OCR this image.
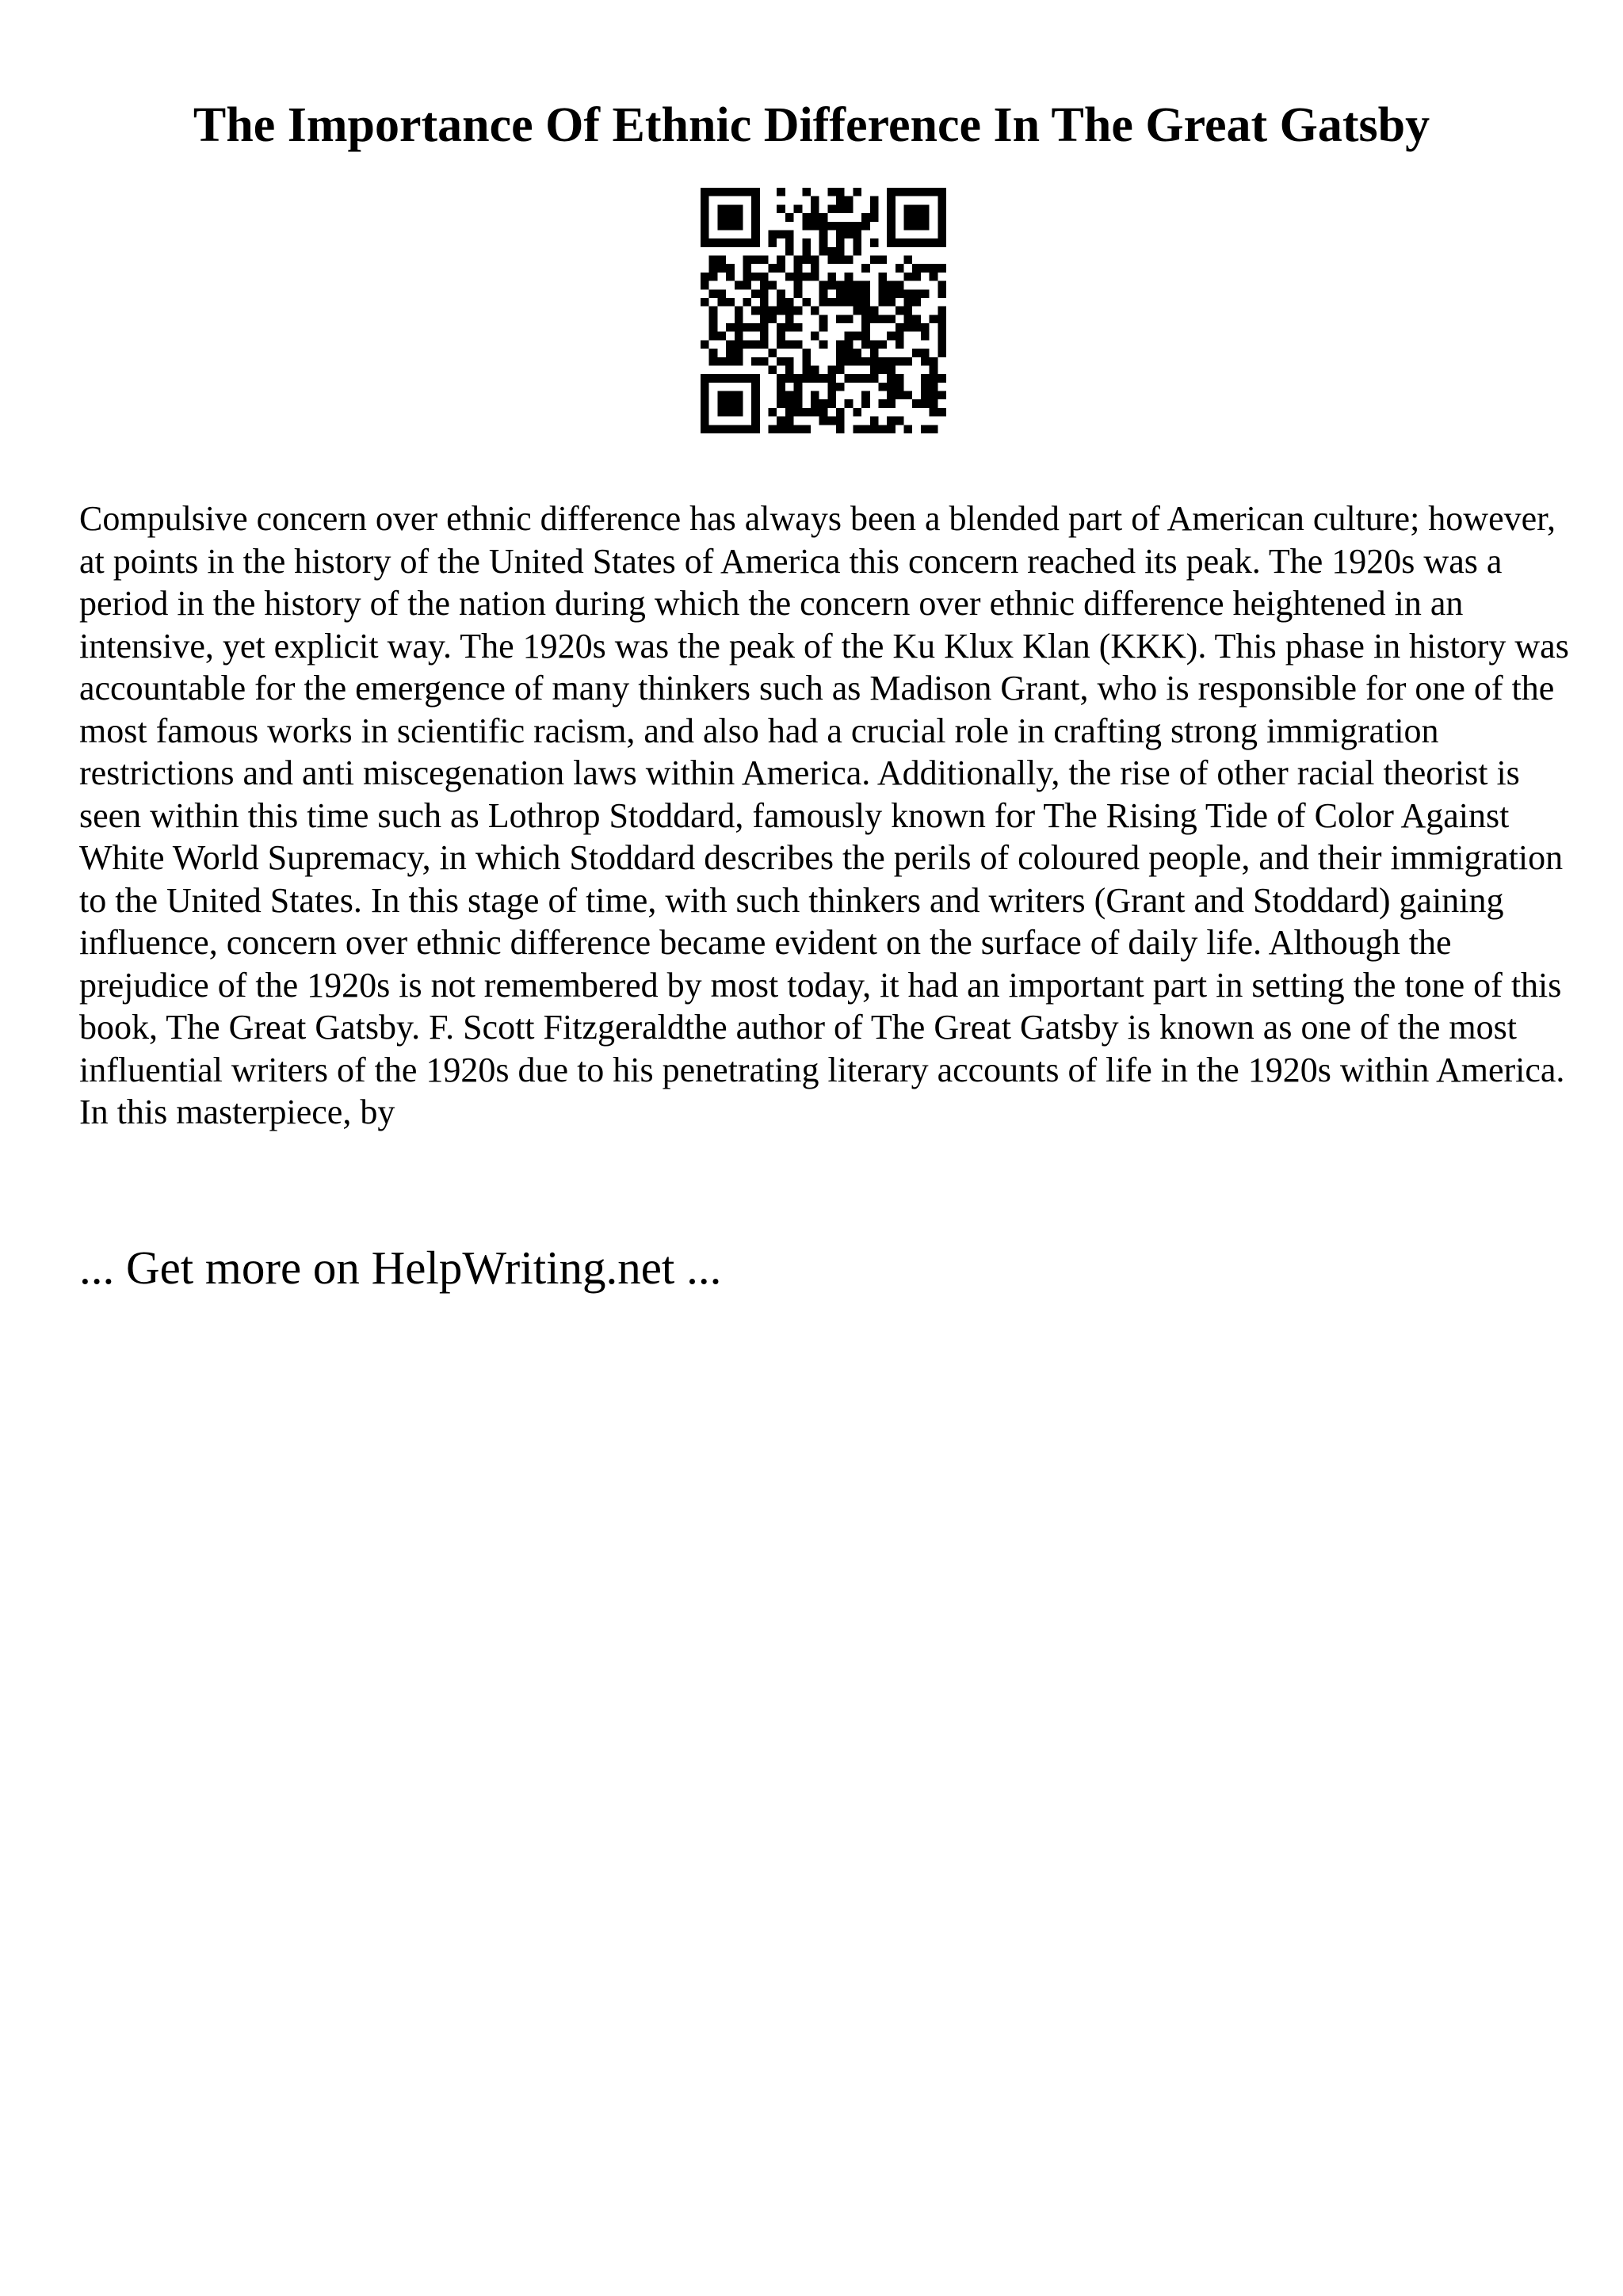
The Importance Of Ethnic Difference In The Great Gatsby

Compulsive concern over ethnic difference has always been a blended part of American culture; however, at points in the history of the United States of America this concern reached its peak. The 1920s was a period in the history of the nation during which the concern over ethnic difference heightened in an intensive, yet explicit way. The 1920s was the peak of the Ku Klux Klan (KKK). This phase in history was accountable for the emergence of many thinkers such as Madison Grant, who is responsible for one of the most famous works in scientific racism, and also had a crucial role in crafting strong immigration restrictions and anti miscegenation laws within America. Additionally, the rise of other racial theorist is seen within this time such as Lothrop Stoddard, famously known for The Rising Tide of Color Against White World Supremacy, in which Stoddard describes the perils of coloured people, and their immigration to the United States. In this stage of time, with such thinkers and writers (Grant and Stoddard) gaining influence, concern over ethnic difference became evident on the surface of daily life. Although the prejudice of the 1920s is not remembered by most today, it had an important part in setting the tone of this book, The Great Gatsby. F. Scott Fitzgeraldthe author of The Great Gatsby is known as one of the most influential writers of the 1920s due to his penetrating literary accounts of life in the 1920s within America. In this masterpiece, by

... Get more on HelpWriting.net ...
